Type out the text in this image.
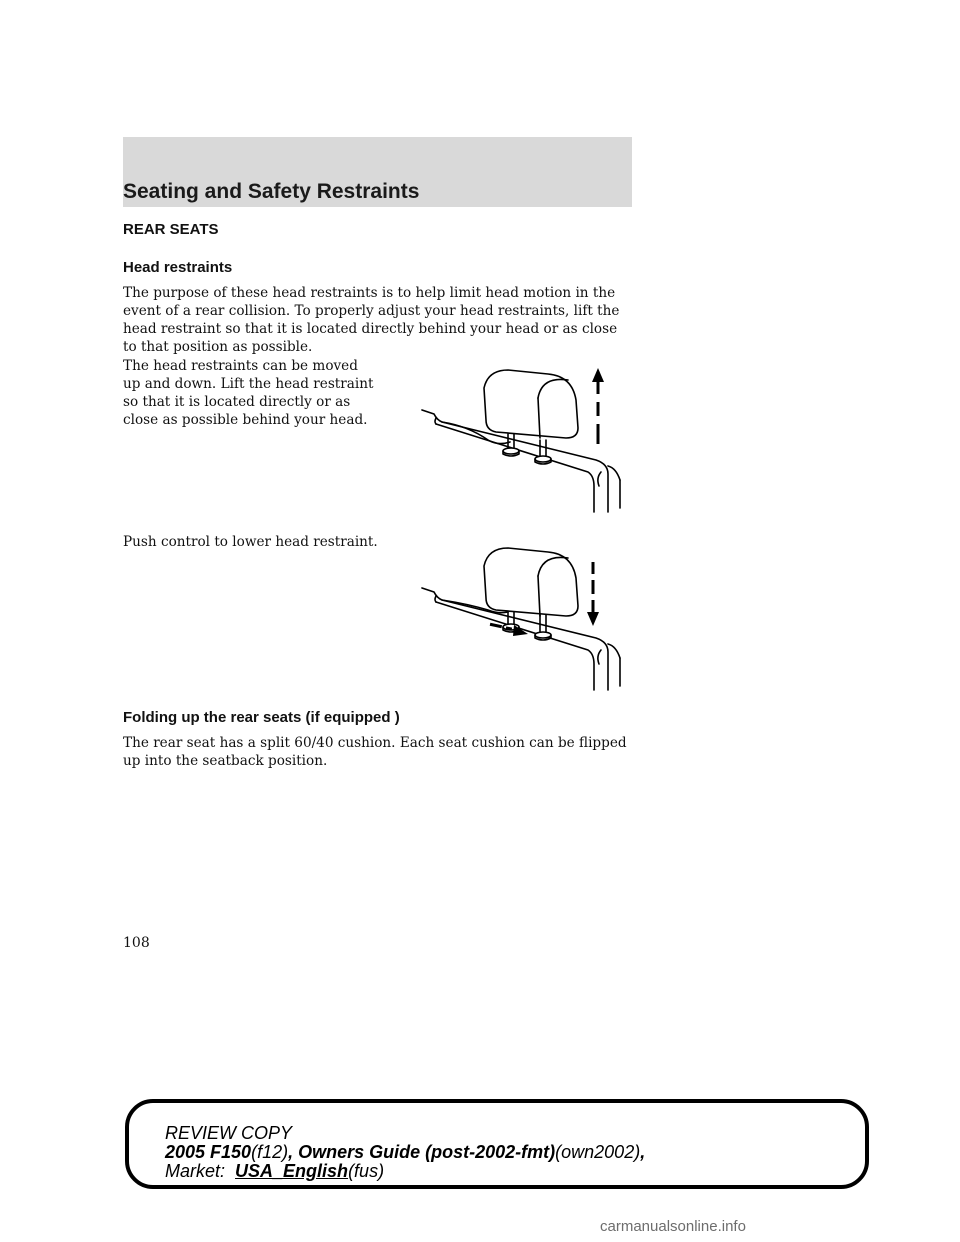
Seating and Safety Restraints
REAR SEATS
Head restraints
The purpose of these head restraints is to help limit head motion in the
event of a rear collision. To properly adjust your head restraints, lift the
head restraint so that it is located directly behind your head or as close
to that position as possible.
The head restraints can be moved
up and down. Lift the head restraint
so that it is located directly or as
close as possible behind your head.
Push control to lower head restraint.
Folding up the rear seats (if equipped )
The rear seat has a split 60/40 cushion. Each seat cushion can be flipped
up into the seatback position.
108
REVIEW COPY
2005 F150(f12), Owners Guide (post-2002-fmt)(own2002),
Market: USA_English(fus)
carmanualsonline.info
